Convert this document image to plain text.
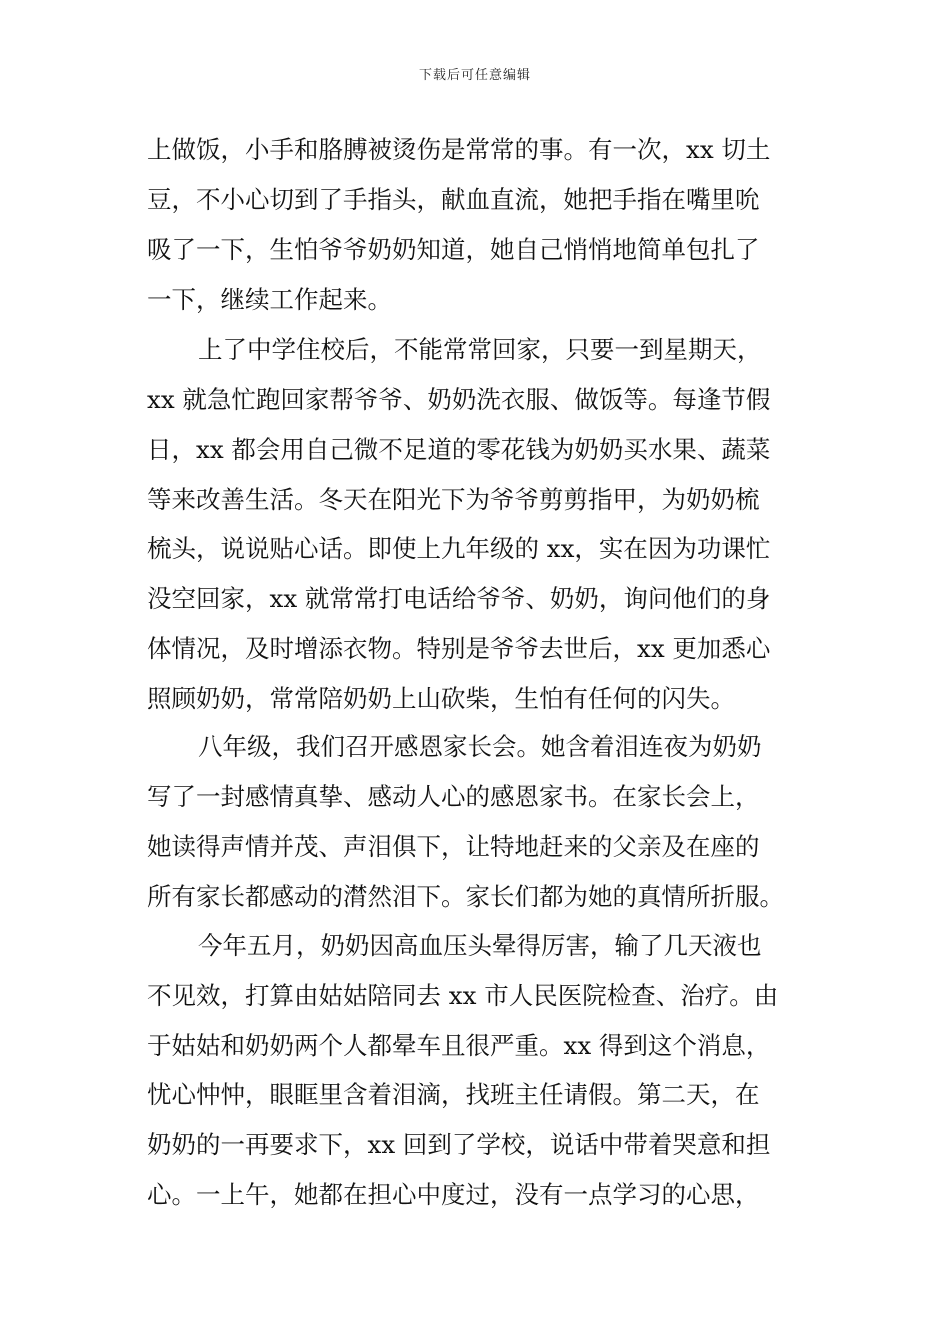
下载后可任意编辑
上做饭，小手和胳膊被烫伤是常常的事。有一次，xx 切土
豆，不小心切到了手指头，献血直流，她把手指在嘴里吮
吸了一下，生怕爷爷奶奶知道，她自己悄悄地简单包扎了
一下，继续工作起来。
上了中学住校后，不能常常回家，只要一到星期天，
xx 就急忙跑回家帮爷爷、奶奶洗衣服、做饭等。每逢节假
日，xx 都会用自己微不足道的零花钱为奶奶买水果、蔬菜
等来改善生活。冬天在阳光下为爷爷剪剪指甲，为奶奶梳
梳头，说说贴心话。即使上九年级的 xx，实在因为功课忙
没空回家，xx 就常常打电话给爷爷、奶奶，询问他们的身
体情况，及时增添衣物。特别是爷爷去世后，xx 更加悉心
照顾奶奶，常常陪奶奶上山砍柴，生怕有任何的闪失。
八年级，我们召开感恩家长会。她含着泪连夜为奶奶
写了一封感情真挚、感动人心的感恩家书。在家长会上，
她读得声情并茂、声泪俱下，让特地赶来的父亲及在座的
所有家长都感动的潸然泪下。家长们都为她的真情所折服。
今年五月，奶奶因高血压头晕得厉害，输了几天液也
不见效，打算由姑姑陪同去 xx 市人民医院检查、治疗。由
于姑姑和奶奶两个人都晕车且很严重。xx 得到这个消息，
忧心忡忡，眼眶里含着泪滴，找班主任请假。第二天，在
奶奶的一再要求下，xx 回到了学校，说话中带着哭意和担
心。一上午，她都在担心中度过，没有一点学习的心思，
